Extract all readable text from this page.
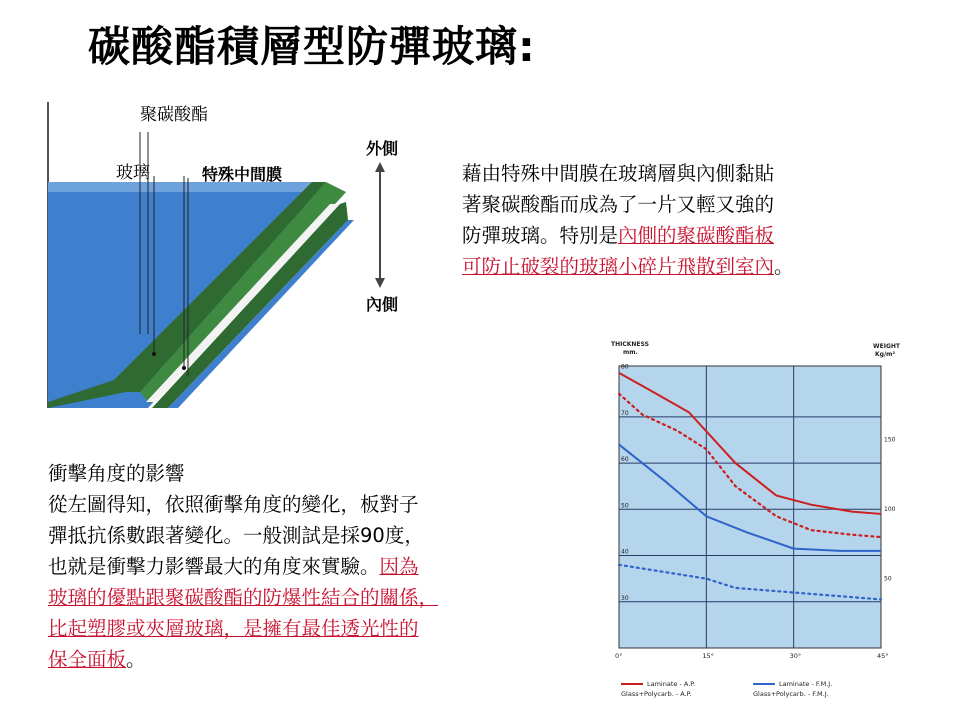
碳酸酯積層型防彈玻璃:
聚碳酸酯
玻璃	特殊中間膜
外側
內側
藉由特殊中間膜在玻璃層與內側黏貼
著聚碳酸酯而成為了一片又輕又強的
防彈玻璃。特別是內側的聚碳酸酯板
可防止破裂的玻璃小碎片飛散到室內。
衝擊角度的影響
從左圖得知，依照衝擊角度的變化，板對子
彈抵抗係數跟著變化。一般測試是採90度，
也就是衝擊力影響最大的角度來實驗。因為
玻璃的優點跟聚碳酸酯的防爆性結合的關係，
比起塑膠或夾層玻璃，是擁有最佳透光性的
保全面板。
THICKNESS
mm.
WEIGHT
Kg/m²
80
70
60
50
40
30
150
100
50
0°	15°	30°	45°
Laminate - A.P.	Laminate - F.M.J.
Glass+Polycarb. - A.P.	Glass+Polycarb. - F.M.J.
